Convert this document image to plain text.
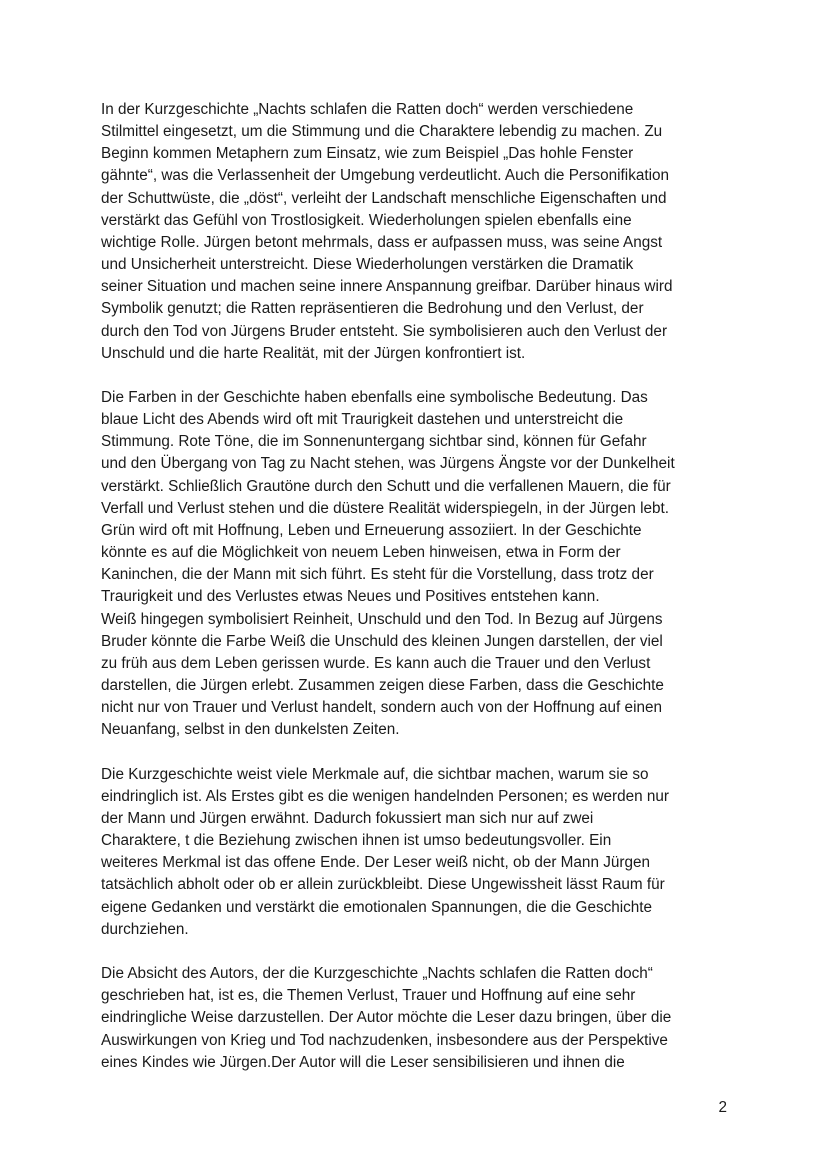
In der Kurzgeschichte „Nachts schlafen die Ratten doch“ werden verschiedene
Stilmittel eingesetzt, um die Stimmung und die Charaktere lebendig zu machen. Zu
Beginn kommen Metaphern zum Einsatz, wie zum Beispiel „Das hohle Fenster
gähnte“, was die Verlassenheit der Umgebung verdeutlicht. Auch die Personifikation
der Schuttwüste, die „döst“, verleiht der Landschaft menschliche Eigenschaften und
verstärkt das Gefühl von Trostlosigkeit. Wiederholungen spielen ebenfalls eine
wichtige Rolle. Jürgen betont mehrmals, dass er aufpassen muss, was seine Angst
und Unsicherheit unterstreicht. Diese Wiederholungen verstärken die Dramatik
seiner Situation und machen seine innere Anspannung greifbar. Darüber hinaus wird
Symbolik genutzt; die Ratten repräsentieren die Bedrohung und den Verlust, der
durch den Tod von Jürgens Bruder entsteht. Sie symbolisieren auch den Verlust der
Unschuld und die harte Realität, mit der Jürgen konfrontiert ist.

Die Farben in der Geschichte haben ebenfalls eine symbolische Bedeutung. Das
blaue Licht des Abends wird oft mit Traurigkeit dastehen und unterstreicht die
Stimmung. Rote Töne, die im Sonnenuntergang sichtbar sind, können für Gefahr
und den Übergang von Tag zu Nacht stehen, was Jürgens Ängste vor der Dunkelheit
verstärkt. Schließlich Grautöne durch den Schutt und die verfallenen Mauern, die für
Verfall und Verlust stehen und die düstere Realität widerspiegeln, in der Jürgen lebt.
Grün wird oft mit Hoffnung, Leben und Erneuerung assoziiert. In der Geschichte
könnte es auf die Möglichkeit von neuem Leben hinweisen, etwa in Form der
Kaninchen, die der Mann mit sich führt. Es steht für die Vorstellung, dass trotz der
Traurigkeit und des Verlustes etwas Neues und Positives entstehen kann.
Weiß hingegen symbolisiert Reinheit, Unschuld und den Tod. In Bezug auf Jürgens
Bruder könnte die Farbe Weiß die Unschuld des kleinen Jungen darstellen, der viel
zu früh aus dem Leben gerissen wurde. Es kann auch die Trauer und den Verlust
darstellen, die Jürgen erlebt. Zusammen zeigen diese Farben, dass die Geschichte
nicht nur von Trauer und Verlust handelt, sondern auch von der Hoffnung auf einen
Neuanfang, selbst in den dunkelsten Zeiten.

Die Kurzgeschichte weist viele Merkmale auf, die sichtbar machen, warum sie so
eindringlich ist. Als Erstes gibt es die wenigen handelnden Personen; es werden nur
der Mann und Jürgen erwähnt. Dadurch fokussiert man sich nur auf zwei
Charaktere, t die Beziehung zwischen ihnen ist umso bedeutungsvoller. Ein
weiteres Merkmal ist das offene Ende. Der Leser weiß nicht, ob der Mann Jürgen
tatsächlich abholt oder ob er allein zurückbleibt. Diese Ungewissheit lässt Raum für
eigene Gedanken und verstärkt die emotionalen Spannungen, die die Geschichte
durchziehen.

Die Absicht des Autors, der die Kurzgeschichte „Nachts schlafen die Ratten doch“
geschrieben hat, ist es, die Themen Verlust, Trauer und Hoffnung auf eine sehr
eindringliche Weise darzustellen. Der Autor möchte die Leser dazu bringen, über die
Auswirkungen von Krieg und Tod nachzudenken, insbesondere aus der Perspektive
eines Kindes wie Jürgen.Der Autor will die Leser sensibilisieren und ihnen die

2
